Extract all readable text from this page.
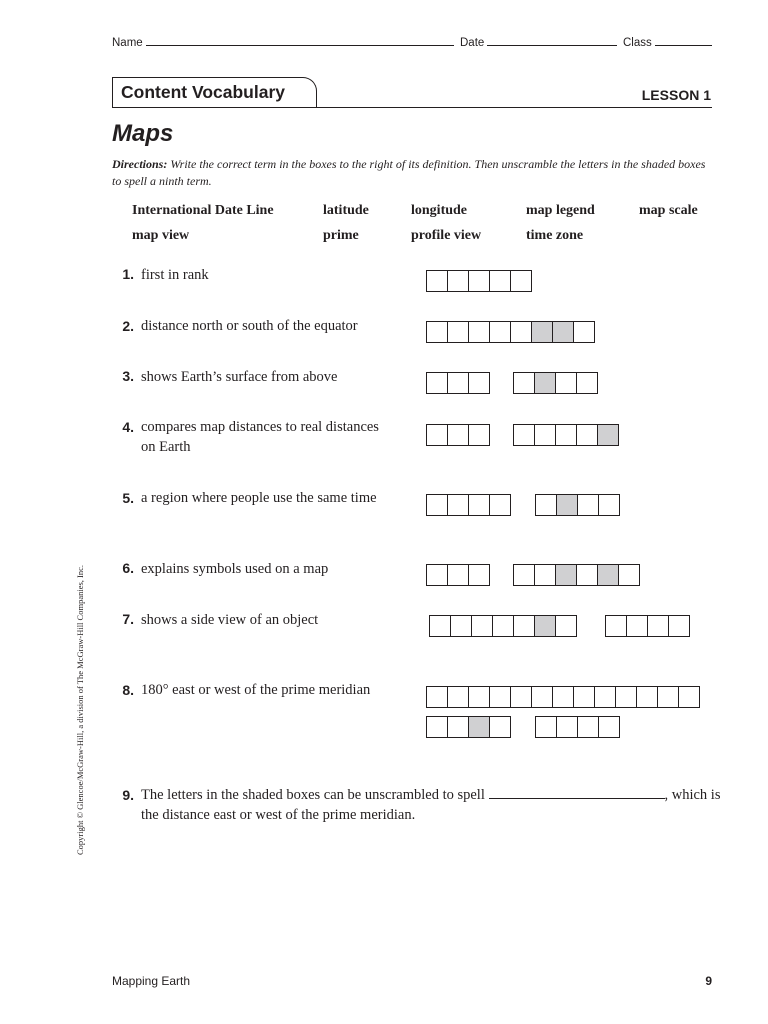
Name	Date	Class
Content Vocabulary	LESSON 1
Maps
Directions: Write the correct term in the boxes to the right of its definition. Then unscramble the letters in the shaded boxes to spell a ninth term.
International Date Line	latitude	longitude	map legend	map scale
map view	prime	profile view	time zone
1. first in rank
2. distance north or south of the equator
3. shows Earth’s surface from above
4. compares map distances to real distances on Earth
5. a region where people use the same time
6. explains symbols used on a map
7. shows a side view of an object
8. 180° east or west of the prime meridian
9. The letters in the shaded boxes can be unscrambled to spell	, which is the distance east or west of the prime meridian.
Copyright © Glencoe/McGraw-Hill, a division of The McGraw-Hill Companies, Inc.
Mapping Earth	9
